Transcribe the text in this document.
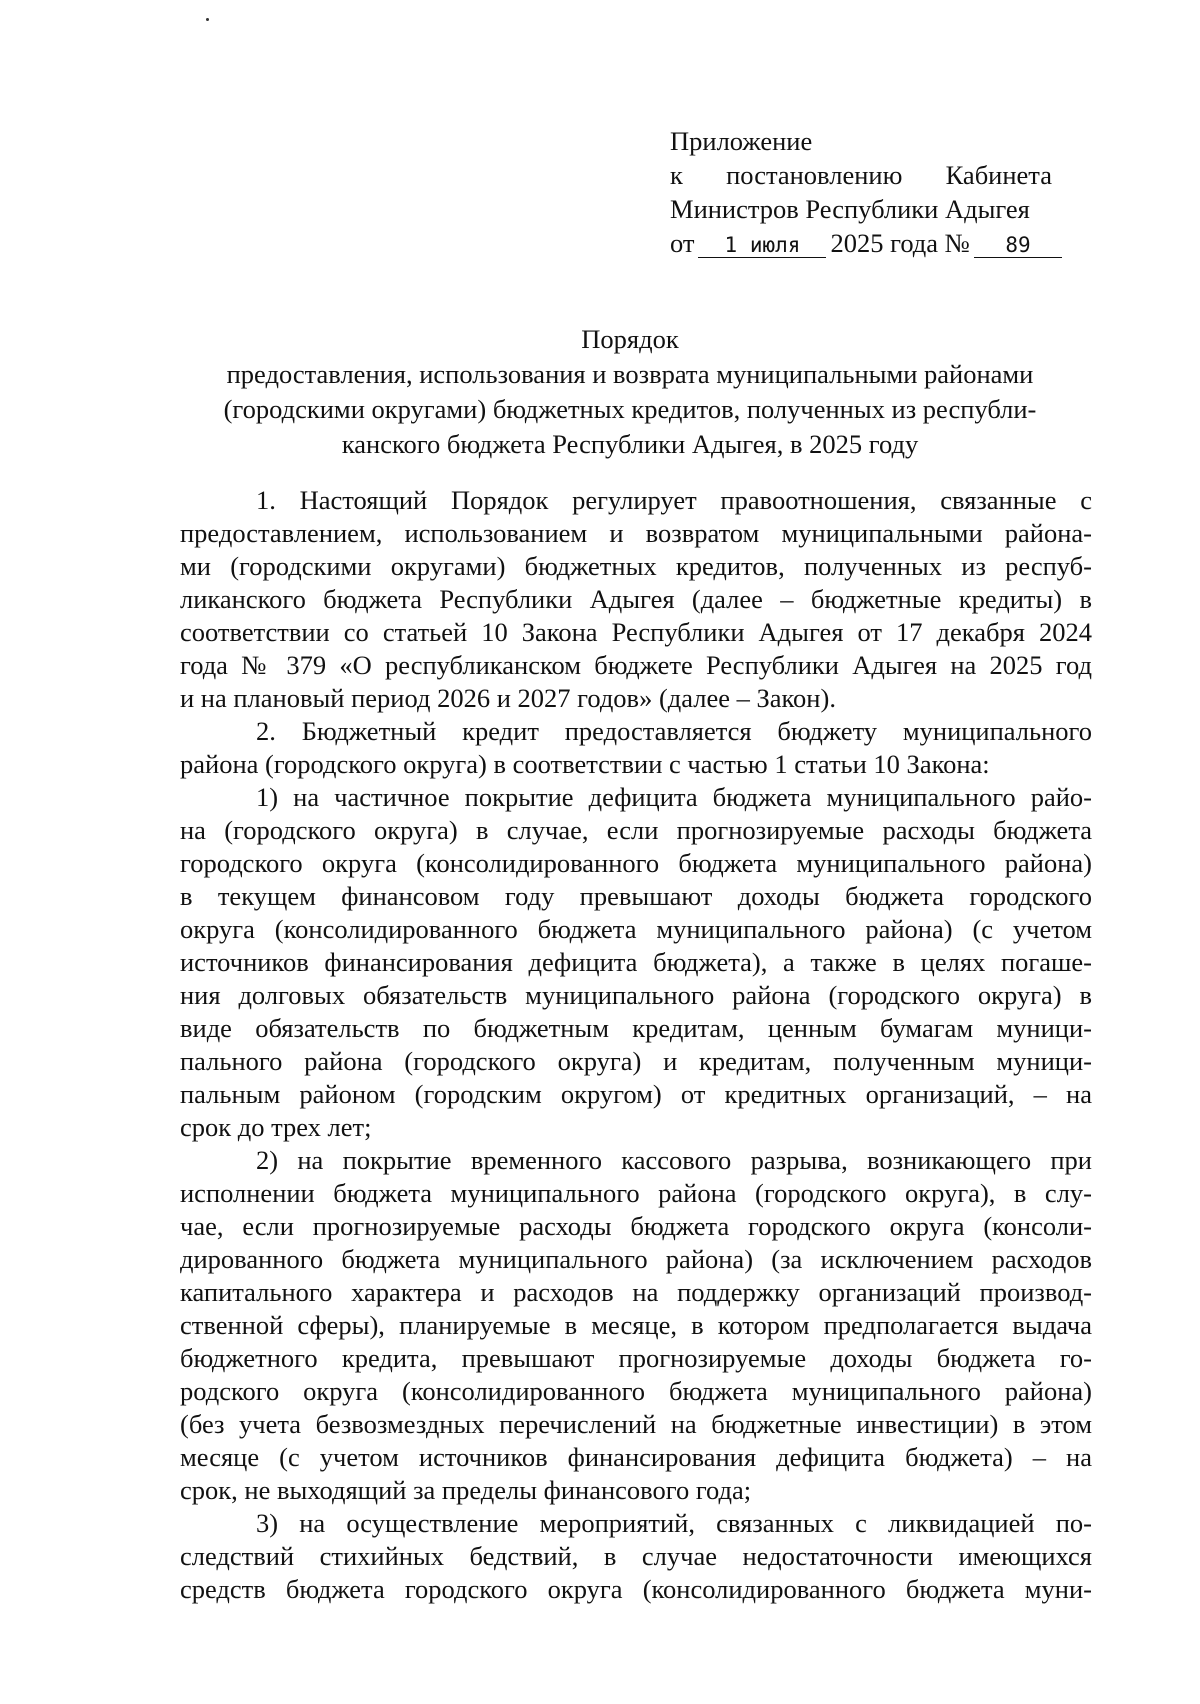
Приложение
к постановлению Кабинета
Министров Республики Адыгея
от 1 июля 2025 года № 89
Порядок
предоставления, использования и возврата муниципальными районами
(городскими округами) бюджетных кредитов, полученных из республи-
канского бюджета Республики Адыгея, в 2025 году
1. Настоящий Порядок регулирует правоотношения, связанные с
предоставлением, использованием и возвратом муниципальными района-
ми (городскими округами) бюджетных кредитов, полученных из респуб-
ликанского бюджета Республики Адыгея (далее – бюджетные кредиты) в
соответствии со статьей 10 Закона Республики Адыгея от 17 декабря 2024
года № 379 «О республиканском бюджете Республики Адыгея на 2025 год
и на плановый период 2026 и 2027 годов» (далее – Закон).
2. Бюджетный кредит предоставляется бюджету муниципального
района (городского округа) в соответствии с частью 1 статьи 10 Закона:
1) на частичное покрытие дефицита бюджета муниципального райо-
на (городского округа) в случае, если прогнозируемые расходы бюджета
городского округа (консолидированного бюджета муниципального района)
в текущем финансовом году превышают доходы бюджета городского
округа (консолидированного бюджета муниципального района) (с учетом
источников финансирования дефицита бюджета), а также в целях погаше-
ния долговых обязательств муниципального района (городского округа) в
виде обязательств по бюджетным кредитам, ценным бумагам муници-
пального района (городского округа) и кредитам, полученным муници-
пальным районом (городским округом) от кредитных организаций, – на
срок до трех лет;
2) на покрытие временного кассового разрыва, возникающего при
исполнении бюджета муниципального района (городского округа), в слу-
чае, если прогнозируемые расходы бюджета городского округа (консоли-
дированного бюджета муниципального района) (за исключением расходов
капитального характера и расходов на поддержку организаций производ-
ственной сферы), планируемые в месяце, в котором предполагается выдача
бюджетного кредита, превышают прогнозируемые доходы бюджета го-
родского округа (консолидированного бюджета муниципального района)
(без учета безвозмездных перечислений на бюджетные инвестиции) в этом
месяце (с учетом источников финансирования дефицита бюджета) – на
срок, не выходящий за пределы финансового года;
3) на осуществление мероприятий, связанных с ликвидацией по-
следствий стихийных бедствий, в случае недостаточности имеющихся
средств бюджета городского округа (консолидированного бюджета муни-
